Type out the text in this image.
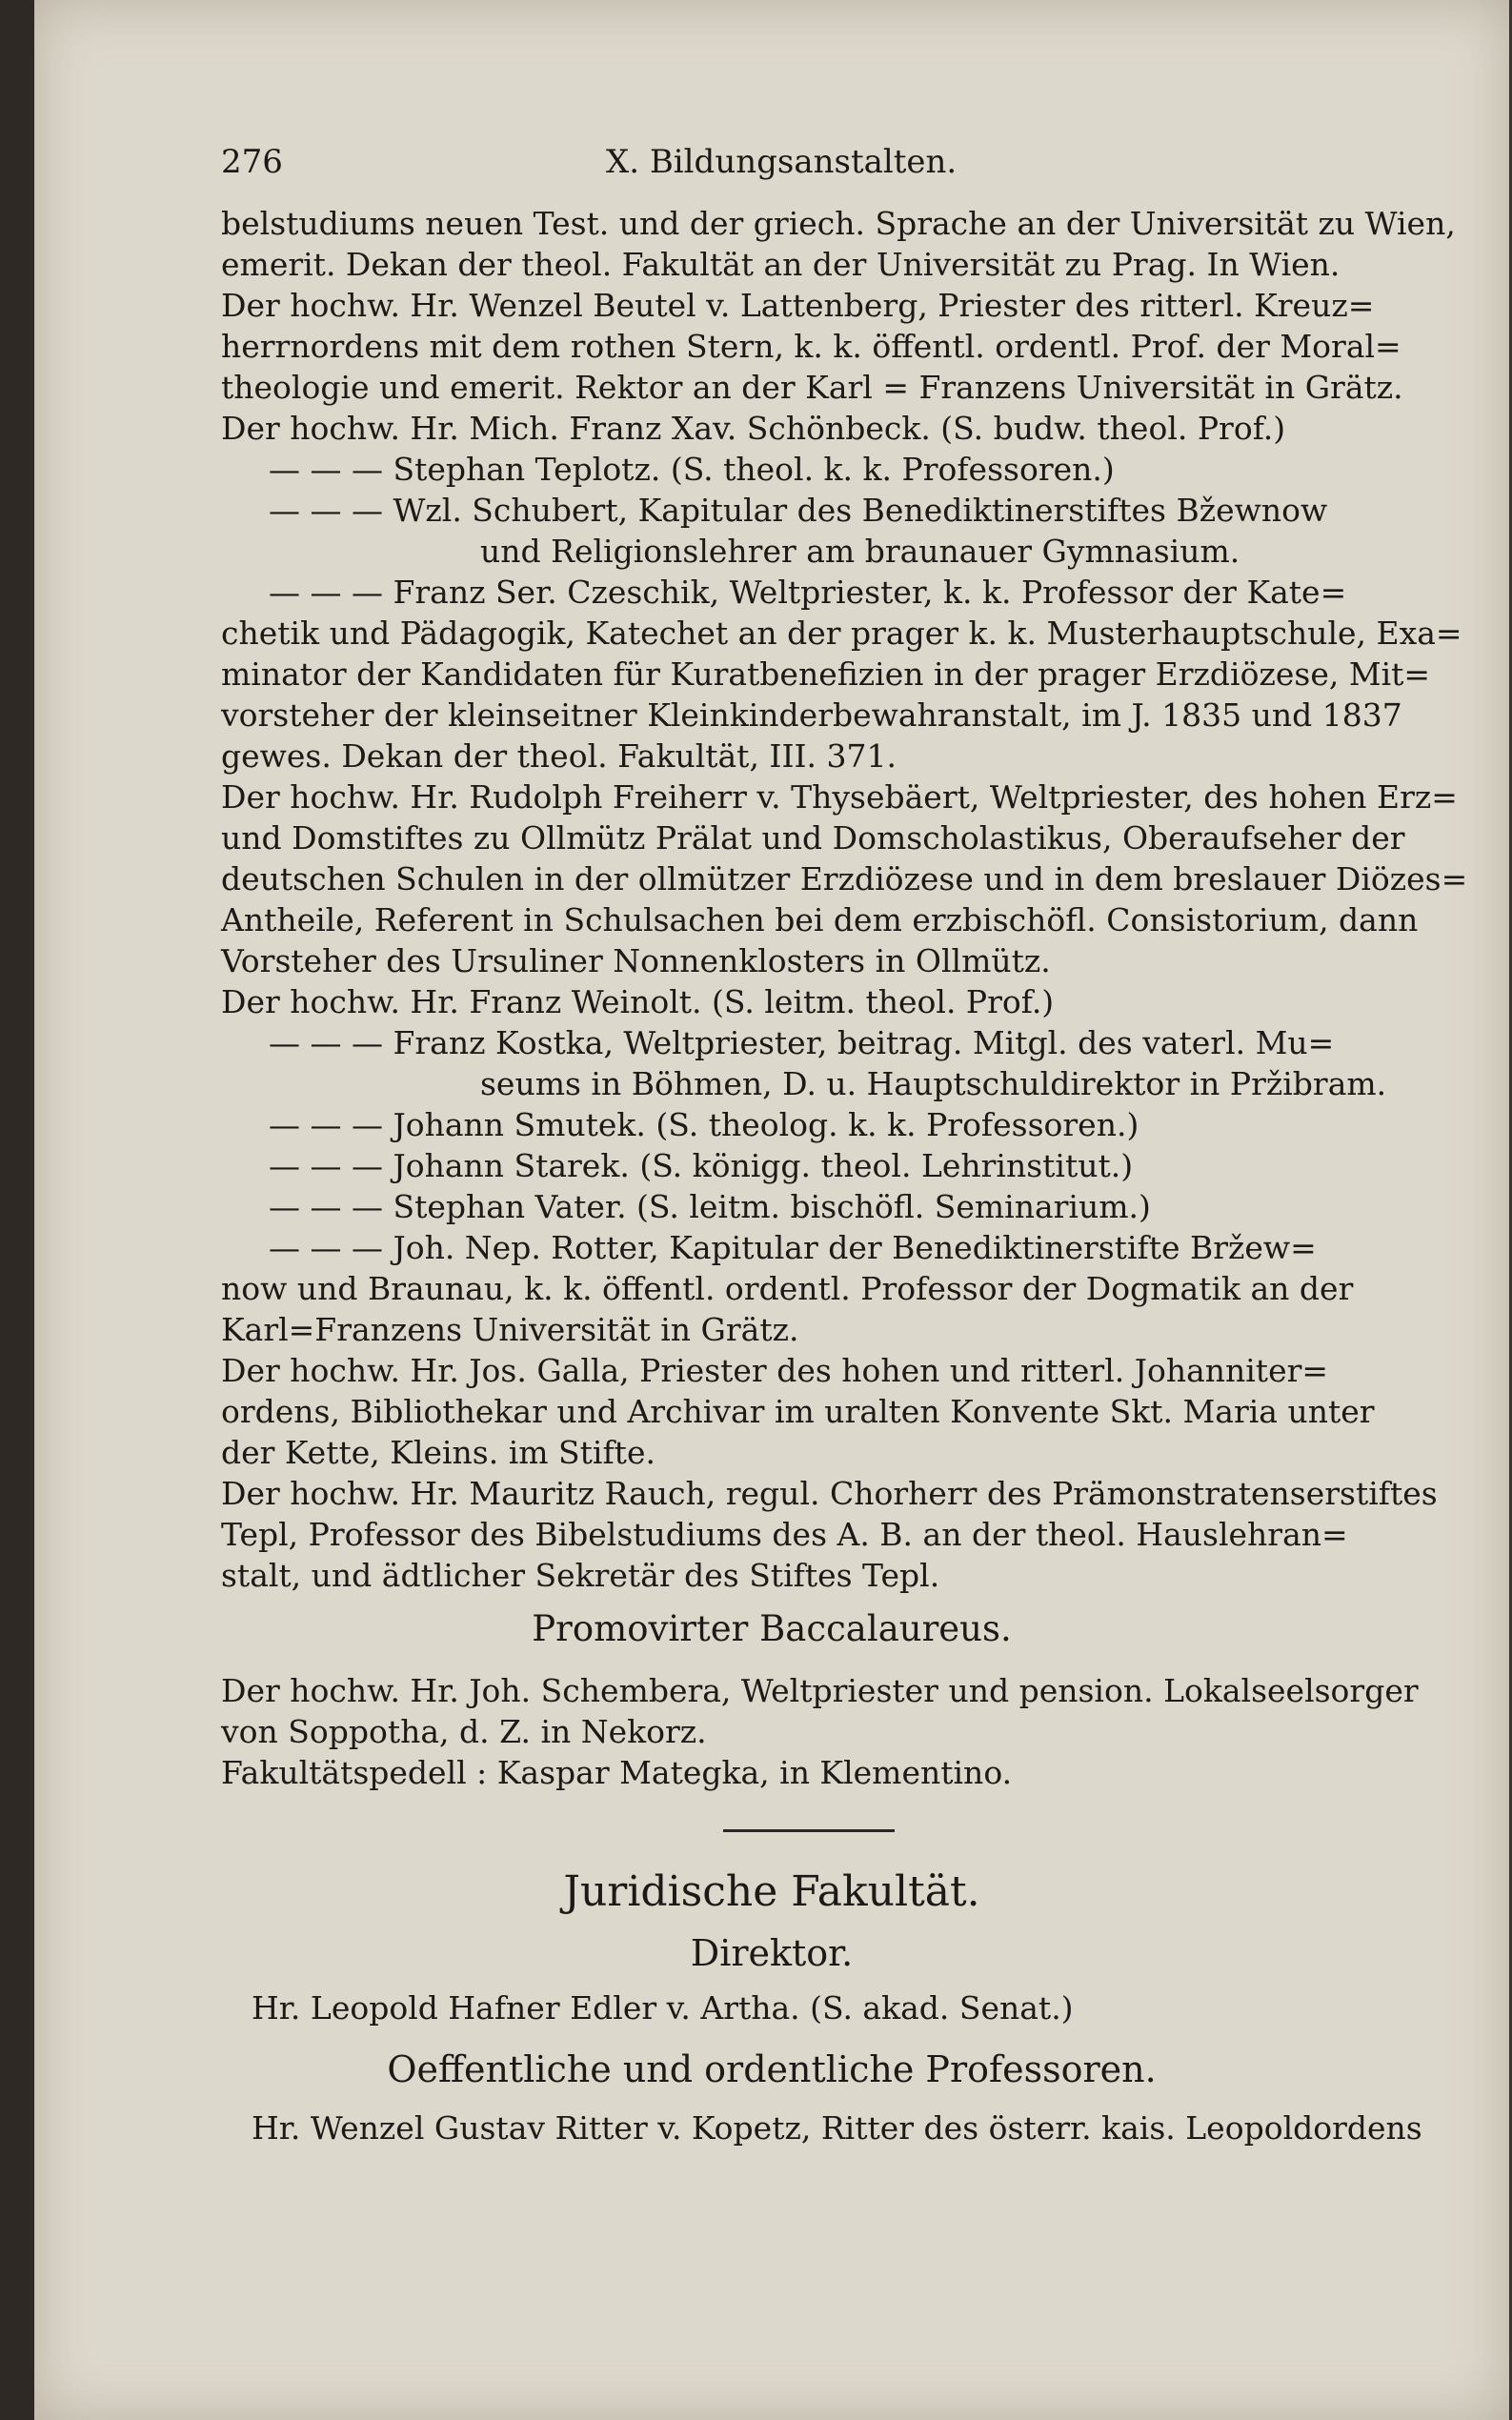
276	X. Bildungsanstalten.
belstudiums neuen Test. und der griech. Sprache an der Universität zu Wien,
emerit. Dekan der theol. Fakultät an der Universität zu Prag. In Wien.
Der hochw. Hr. Wenzel Beutel v. Lattenberg, Priester des ritterl. Kreuz=
herrnordens mit dem rothen Stern, k. k. öffentl. ordentl. Prof. der Moral=
theologie und emerit. Rektor an der Karl = Franzens Universität in Grätz.
Der hochw. Hr. Mich. Franz Xav. Schönbeck. (S. budw. theol. Prof.)
— — — Stephan Teplotz. (S. theol. k. k. Professoren.)
— — — Wzl. Schubert, Kapitular des Benediktinerstiftes Bžewnow
und Religionslehrer am braunauer Gymnasium.
— — — Franz Ser. Czeschik, Weltpriester, k. k. Professor der Kate=
chetik und Pädagogik, Katechet an der prager k. k. Musterhauptschule, Exa=
minator der Kandidaten für Kuratbenefizien in der prager Erzdiözese, Mit=
vorsteher der kleinseitner Kleinkinderbewahranstalt, im J. 1835 und 1837
gewes. Dekan der theol. Fakultät, III. 371.
Der hochw. Hr. Rudolph Freiherr v. Thysebäert, Weltpriester, des hohen Erz=
und Domstiftes zu Ollmütz Prälat und Domscholastikus, Oberaufseher der
deutschen Schulen in der ollmützer Erzdiözese und in dem breslauer Diözes=
Antheile, Referent in Schulsachen bei dem erzbischöfl. Consistorium, dann
Vorsteher des Ursuliner Nonnenklosters in Ollmütz.
Der hochw. Hr. Franz Weinolt. (S. leitm. theol. Prof.)
— — — Franz Kostka, Weltpriester, beitrag. Mitgl. des vaterl. Mu=
seums in Böhmen, D. u. Hauptschuldirektor in Pržibram.
— — — Johann Smutek. (S. theolog. k. k. Professoren.)
— — — Johann Starek. (S. königg. theol. Lehrinstitut.)
— — — Stephan Vater. (S. leitm. bischöfl. Seminarium.)
— — — Joh. Nep. Rotter, Kapitular der Benediktinerstifte Bržew=
now und Braunau, k. k. öffentl. ordentl. Professor der Dogmatik an der
Karl=Franzens Universität in Grätz.
Der hochw. Hr. Jos. Galla, Priester des hohen und ritterl. Johanniter=
ordens, Bibliothekar und Archivar im uralten Konvente Skt. Maria unter
der Kette, Kleins. im Stifte.
Der hochw. Hr. Mauritz Rauch, regul. Chorherr des Prämonstratenserstiftes
Tepl, Professor des Bibelstudiums des A. B. an der theol. Hauslehran=
stalt, und ädtlicher Sekretär des Stiftes Tepl.
Promovirter Baccalaureus.
Der hochw. Hr. Joh. Schembera, Weltpriester und pension. Lokalseelsorger
von Soppotha, d. Z. in Nekorz.
Fakultätspedell : Kaspar Mategka, in Klementino.
Juridische Fakultät.
Direktor.
Hr. Leopold Hafner Edler v. Artha. (S. akad. Senat.)
Oeffentliche und ordentliche Professoren.
Hr. Wenzel Gustav Ritter v. Kopetz, Ritter des österr. kais. Leopoldordens
